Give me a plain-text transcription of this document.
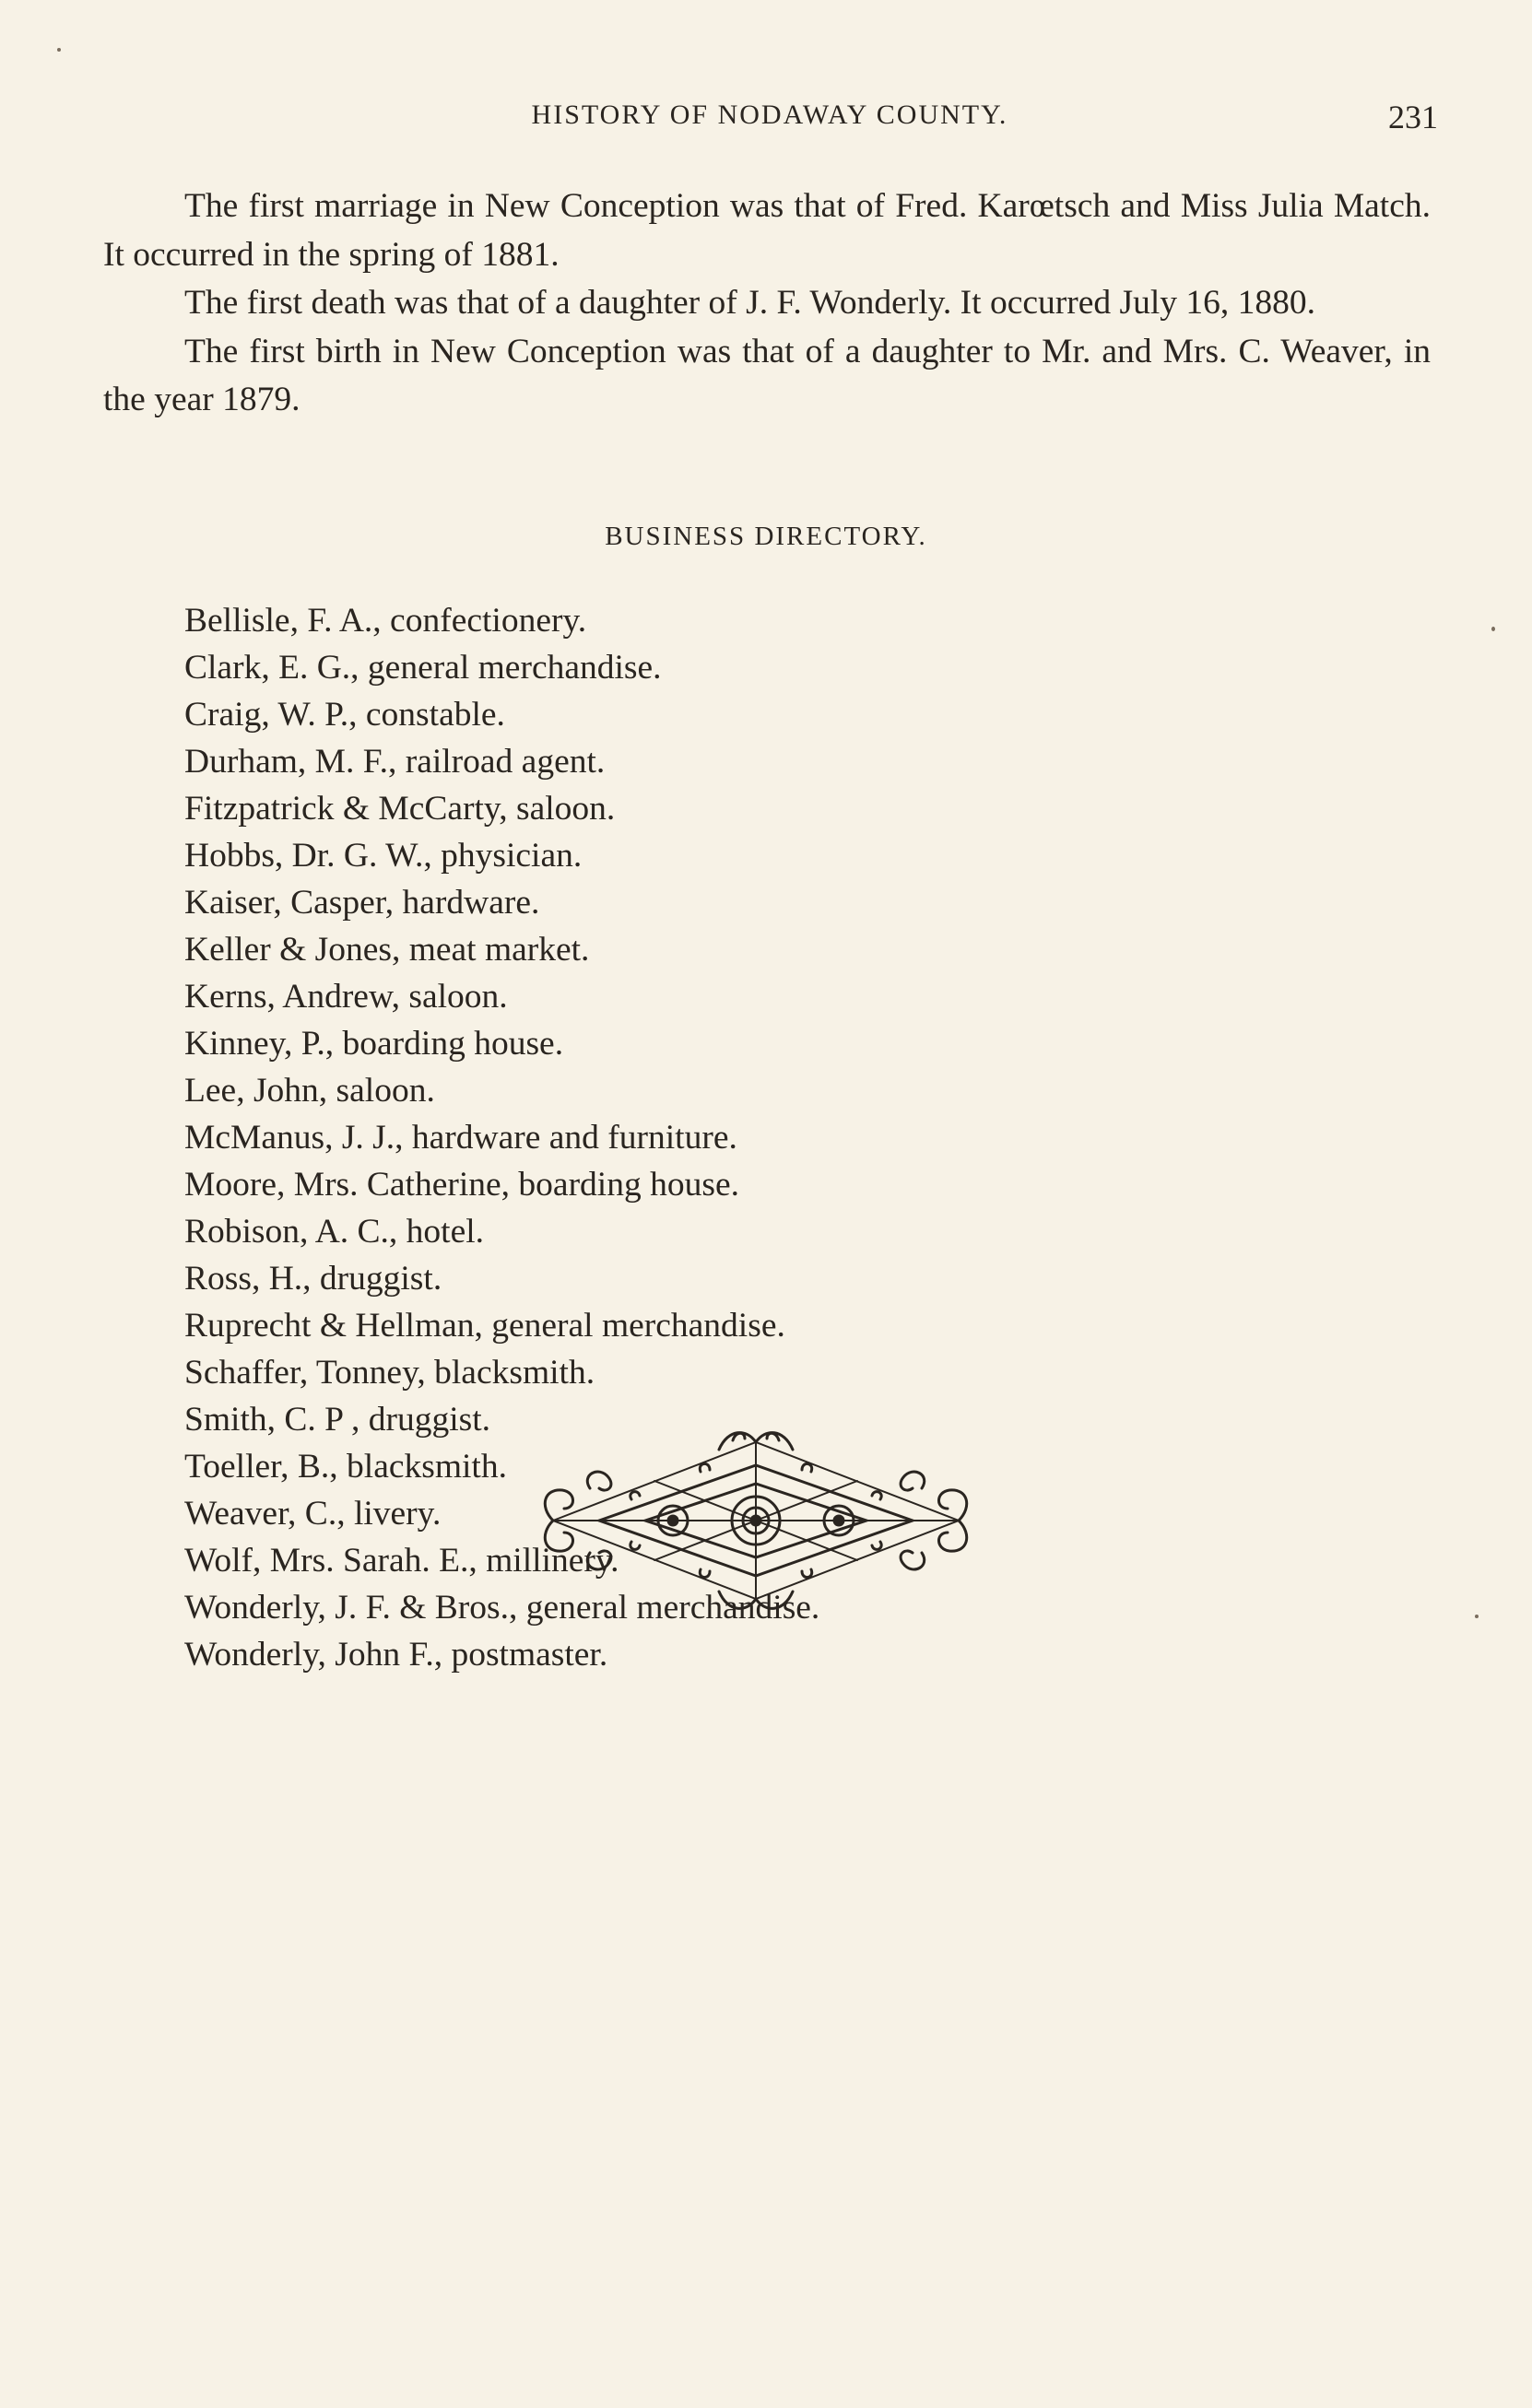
HISTORY OF NODAWAY COUNTY.	231

The first marriage in New Conception was that of Fred. Karœtsch and Miss Julia Match. It occurred in the spring of 1881.

The first death was that of a daughter of J. F. Wonderly. It occurred July 16, 1880.

The first birth in New Conception was that of a daughter to Mr. and Mrs. C. Weaver, in the year 1879.

BUSINESS DIRECTORY.
Bellisle, F. A., confectionery.
Clark, E. G., general merchandise.
Craig, W. P., constable.
Durham, M. F., railroad agent.
Fitzpatrick & McCarty, saloon.
Hobbs, Dr. G. W., physician.
Kaiser, Casper, hardware.
Keller & Jones, meat market.
Kerns, Andrew, saloon.
Kinney, P., boarding house.
Lee, John, saloon.
McManus, J. J., hardware and furniture.
Moore, Mrs. Catherine, boarding house.
Robison, A. C., hotel.
Ross, H., druggist.
Ruprecht & Hellman, general merchandise.
Schaffer, Tonney, blacksmith.
Smith, C. P , druggist.
Toeller, B., blacksmith.
Weaver, C., livery.
Wolf, Mrs. Sarah. E., millinery.
Wonderly, J. F. & Bros., general merchandise.
Wonderly, John F., postmaster.
